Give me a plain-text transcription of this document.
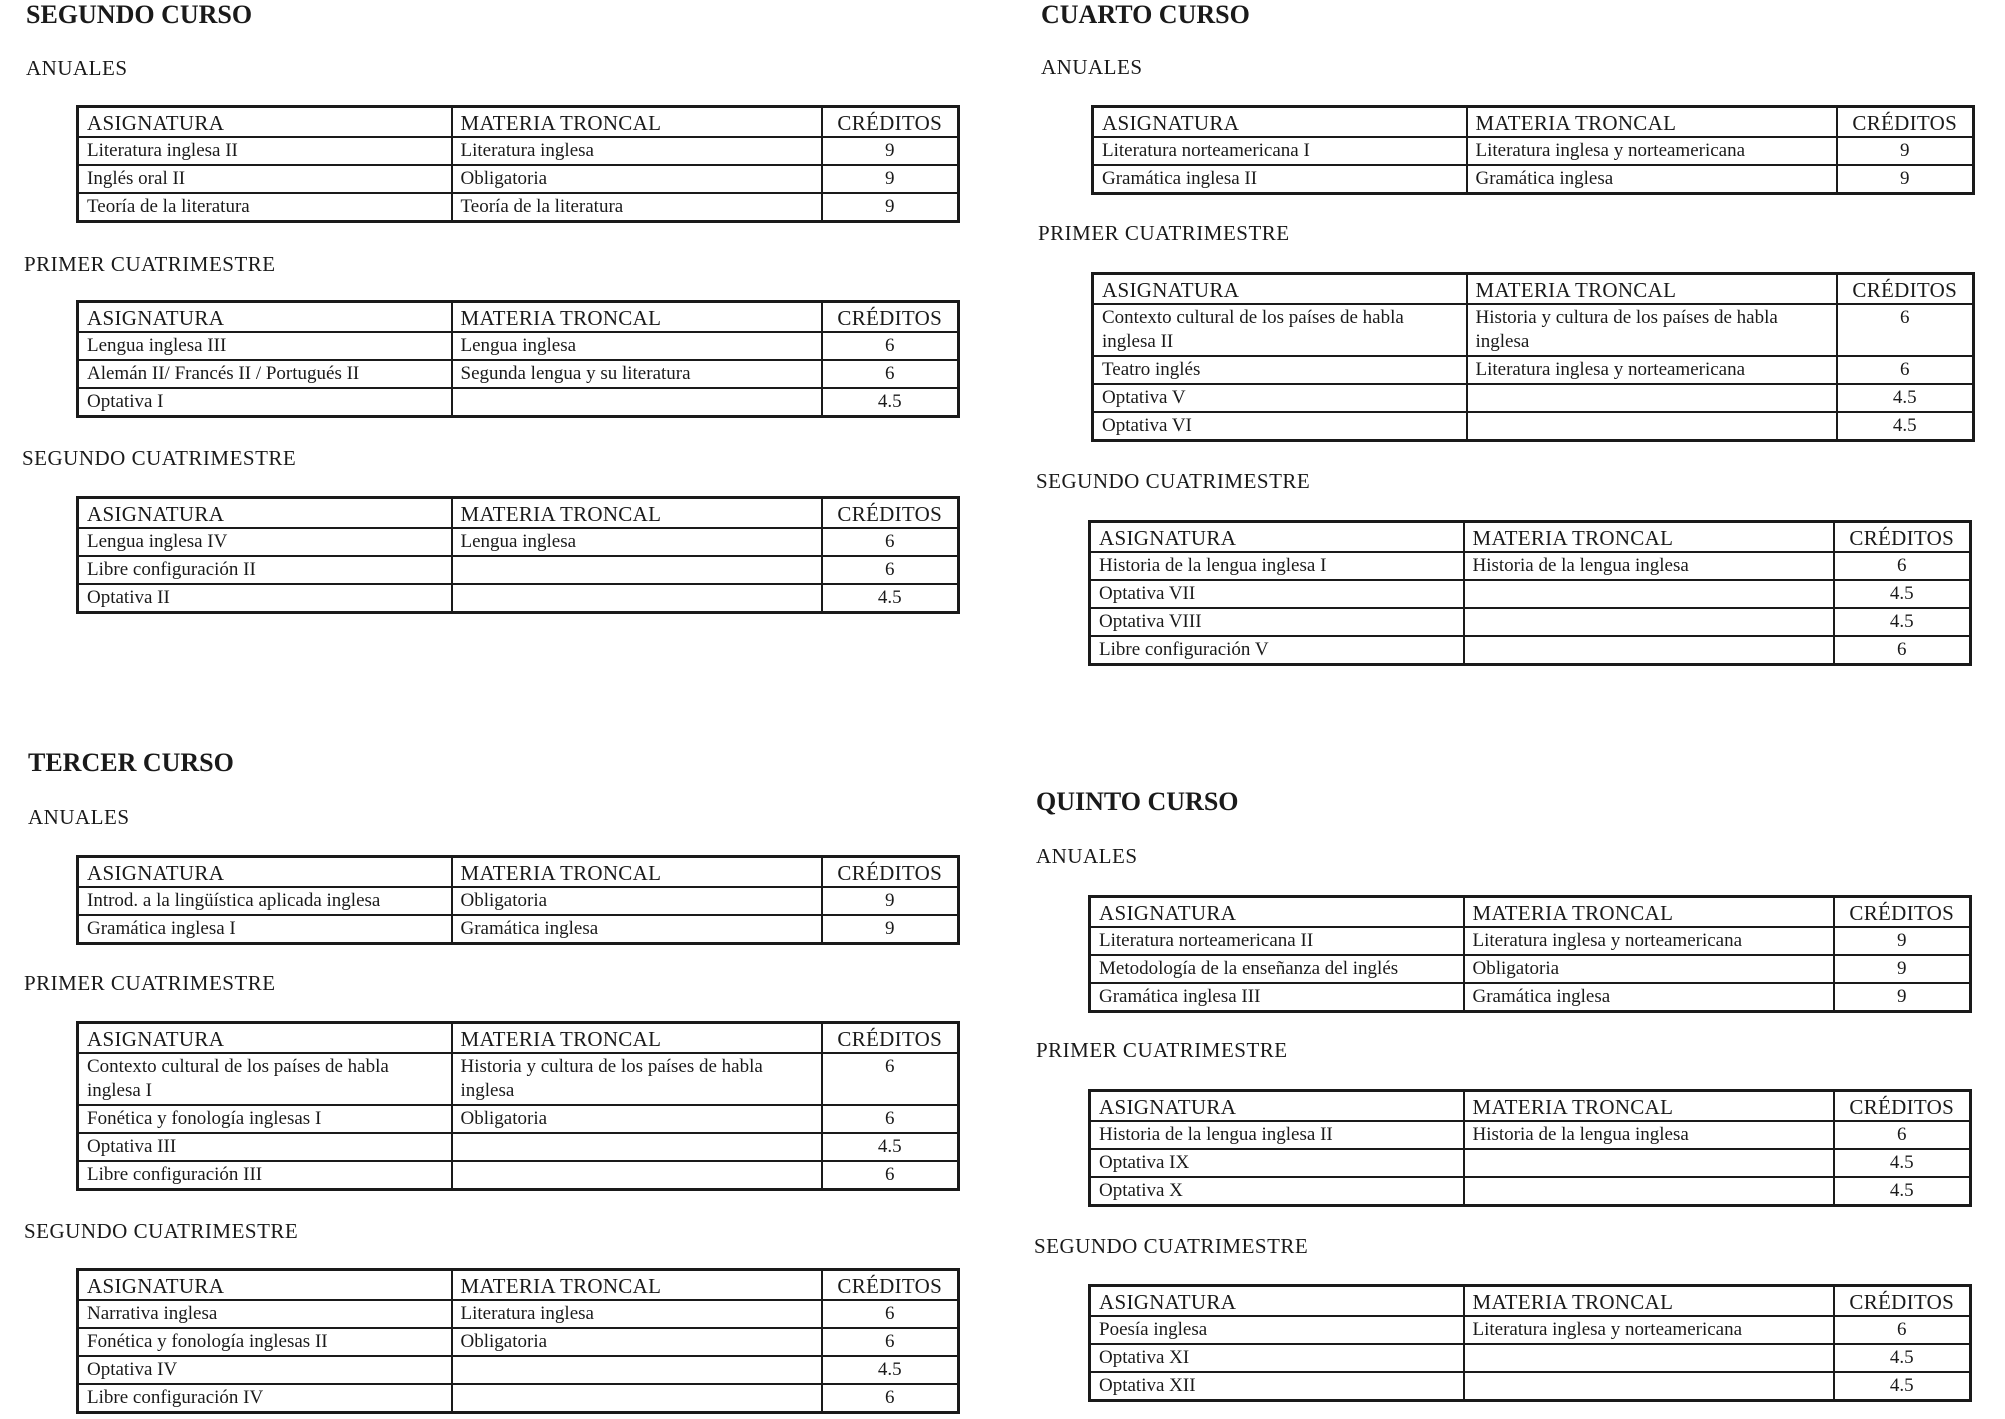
SEGUNDO CURSO
ANUALES
ASIGNATURA	MATERIA TRONCAL	CRÉDITOS
Literatura inglesa II	Literatura inglesa	9
Inglés oral II	Obligatoria	9
Teoría de la literatura	Teoría de la literatura	9
PRIMER CUATRIMESTRE
ASIGNATURA	MATERIA TRONCAL	CRÉDITOS
Lengua inglesa III	Lengua inglesa	6
Alemán II/ Francés II / Portugués II	Segunda lengua y su literatura	6
Optativa I		4.5
SEGUNDO CUATRIMESTRE
ASIGNATURA	MATERIA TRONCAL	CRÉDITOS
Lengua inglesa IV	Lengua inglesa	6
Libre configuración II		6
Optativa II		4.5
TERCER CURSO
ANUALES
ASIGNATURA	MATERIA TRONCAL	CRÉDITOS
Introd. a la lingüística aplicada inglesa	Obligatoria	9
Gramática inglesa I	Gramática inglesa	9
PRIMER CUATRIMESTRE
ASIGNATURA	MATERIA TRONCAL	CRÉDITOS
Contexto cultural de los países de habla inglesa I	Historia y cultura de los países de habla inglesa	6
Fonética y fonología inglesas I	Obligatoria	6
Optativa III		4.5
Libre configuración III		6
SEGUNDO CUATRIMESTRE
ASIGNATURA	MATERIA TRONCAL	CRÉDITOS
Narrativa inglesa	Literatura inglesa	6
Fonética y fonología inglesas II	Obligatoria	6
Optativa IV		4.5
Libre configuración IV		6
CUARTO CURSO
ANUALES
ASIGNATURA	MATERIA TRONCAL	CRÉDITOS
Literatura norteamericana I	Literatura inglesa y norteamericana	9
Gramática inglesa II	Gramática inglesa	9
PRIMER CUATRIMESTRE
ASIGNATURA	MATERIA TRONCAL	CRÉDITOS
Contexto cultural de los países de habla inglesa II	Historia y cultura de los países de habla inglesa	6
Teatro inglés	Literatura inglesa y norteamericana	6
Optativa V		4.5
Optativa VI		4.5
SEGUNDO CUATRIMESTRE
ASIGNATURA	MATERIA TRONCAL	CRÉDITOS
Historia de la lengua inglesa I	Historia de la lengua inglesa	6
Optativa VII		4.5
Optativa VIII		4.5
Libre configuración V		6
QUINTO CURSO
ANUALES
ASIGNATURA	MATERIA TRONCAL	CRÉDITOS
Literatura norteamericana II	Literatura inglesa y norteamericana	9
Metodología de la enseñanza del inglés	Obligatoria	9
Gramática inglesa III	Gramática inglesa	9
PRIMER CUATRIMESTRE
ASIGNATURA	MATERIA TRONCAL	CRÉDITOS
Historia de la lengua inglesa II	Historia de la lengua inglesa	6
Optativa IX		4.5
Optativa X		4.5
SEGUNDO CUATRIMESTRE
ASIGNATURA	MATERIA TRONCAL	CRÉDITOS
Poesía inglesa	Literatura inglesa y norteamericana	6
Optativa XI		4.5
Optativa XII		4.5
